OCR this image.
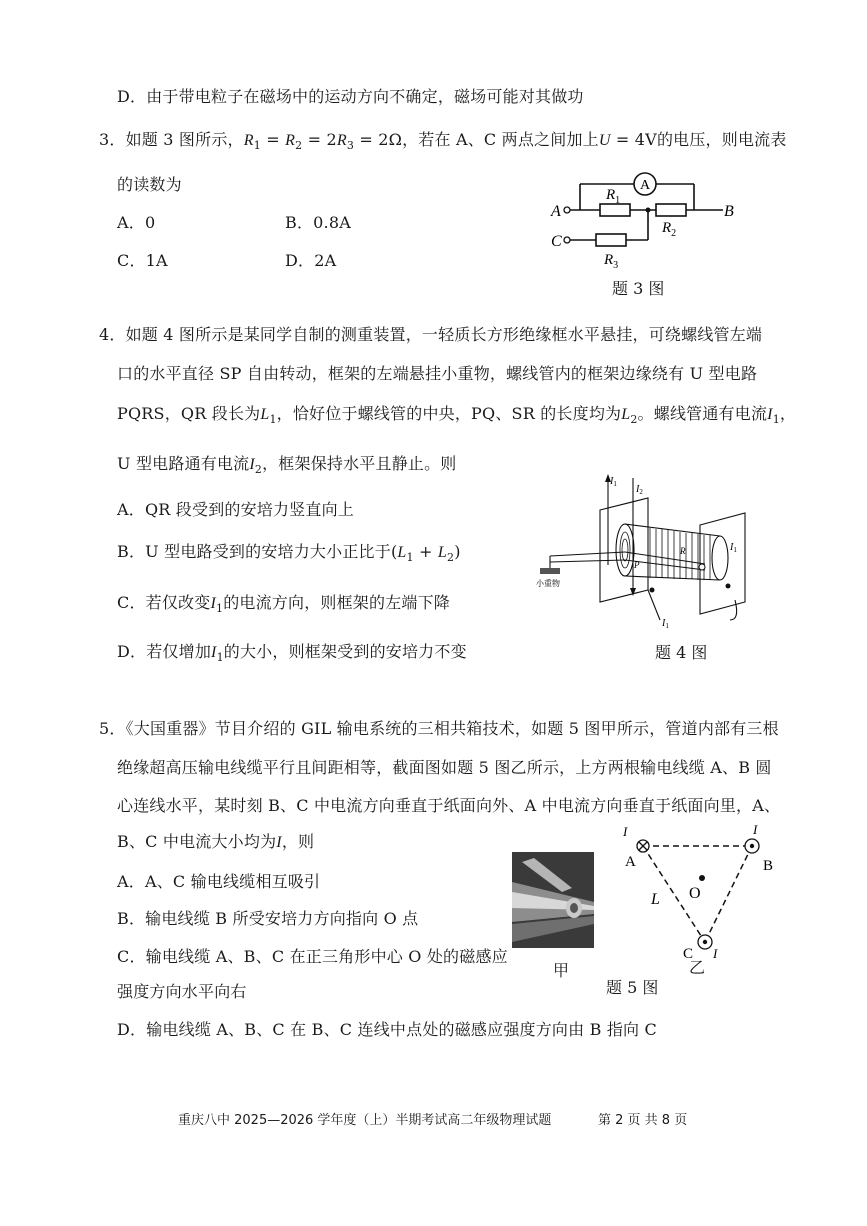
D．由于带电粒子在磁场中的运动方向不确定，磁场可能对其做功
3．如题 3 图所示，$R_1 = R_2 = 2R_3 = 2\Omega$，若在 A、C 两点之间加上U = 4V的电压，则电流表
的读数为
A．0	B．0.8A
C．1A	D．2A
A
$R_1$
$R_2$
$R_3$
A
C
B
题 3 图
4．如题 4 图所示是某同学自制的测重装置，一轻质长方形绝缘框水平悬挂，可绕螺线管左端
口的水平直径 SP 自由转动，框架的左端悬挂小重物，螺线管内的框架边缘绕有 U 型电路
PQRS，QR 段长为$L_1$，恰好位于螺线管的中央，PQ、SR 的长度均为$L_2$。螺线管通有电流$I_1$，
U 型电路通有电流$I_2$，框架保持水平且静止。则
A．QR 段受到的安培力竖直向上
B．U 型电路受到的安培力大小正比于$(L_1 + L_2)$
C．若仅改变$I_1$的电流方向，则框架的左端下降
D．若仅增加$I_1$的大小，则框架受到的安培力不变
小重物
$I_1$ $I_2$
$I_1$
$I_1$
R
P
题 4 图
5．《大国重器》节目介绍的 GIL 输电系统的三相共箱技术，如题 5 图甲所示，管道内部有三根
绝缘超高压输电线缆平行且间距相等，截面图如题 5 图乙所示，上方两根输电线缆 A、B 圆
心连线水平，某时刻 B、C 中电流方向垂直于纸面向外、A 中电流方向垂直于纸面向里，A、
B、C 中电流大小均为I，则
A．A、C 输电线缆相互吸引
B．输电线缆 B 所受安培力方向指向 O 点
C．输电线缆 A、B、C 在正三角形中心 O 处的磁感应
强度方向水平向右
D．输电线缆 A、B、C 在 B、C 连线中点处的磁感应强度方向由 B 指向 C
甲
O
A	B
C
L
I	I
I
乙
题 5 图
重庆八中 2025—2026 学年度（上）半期考试高二年级物理试题	第 2 页 共 8 页
